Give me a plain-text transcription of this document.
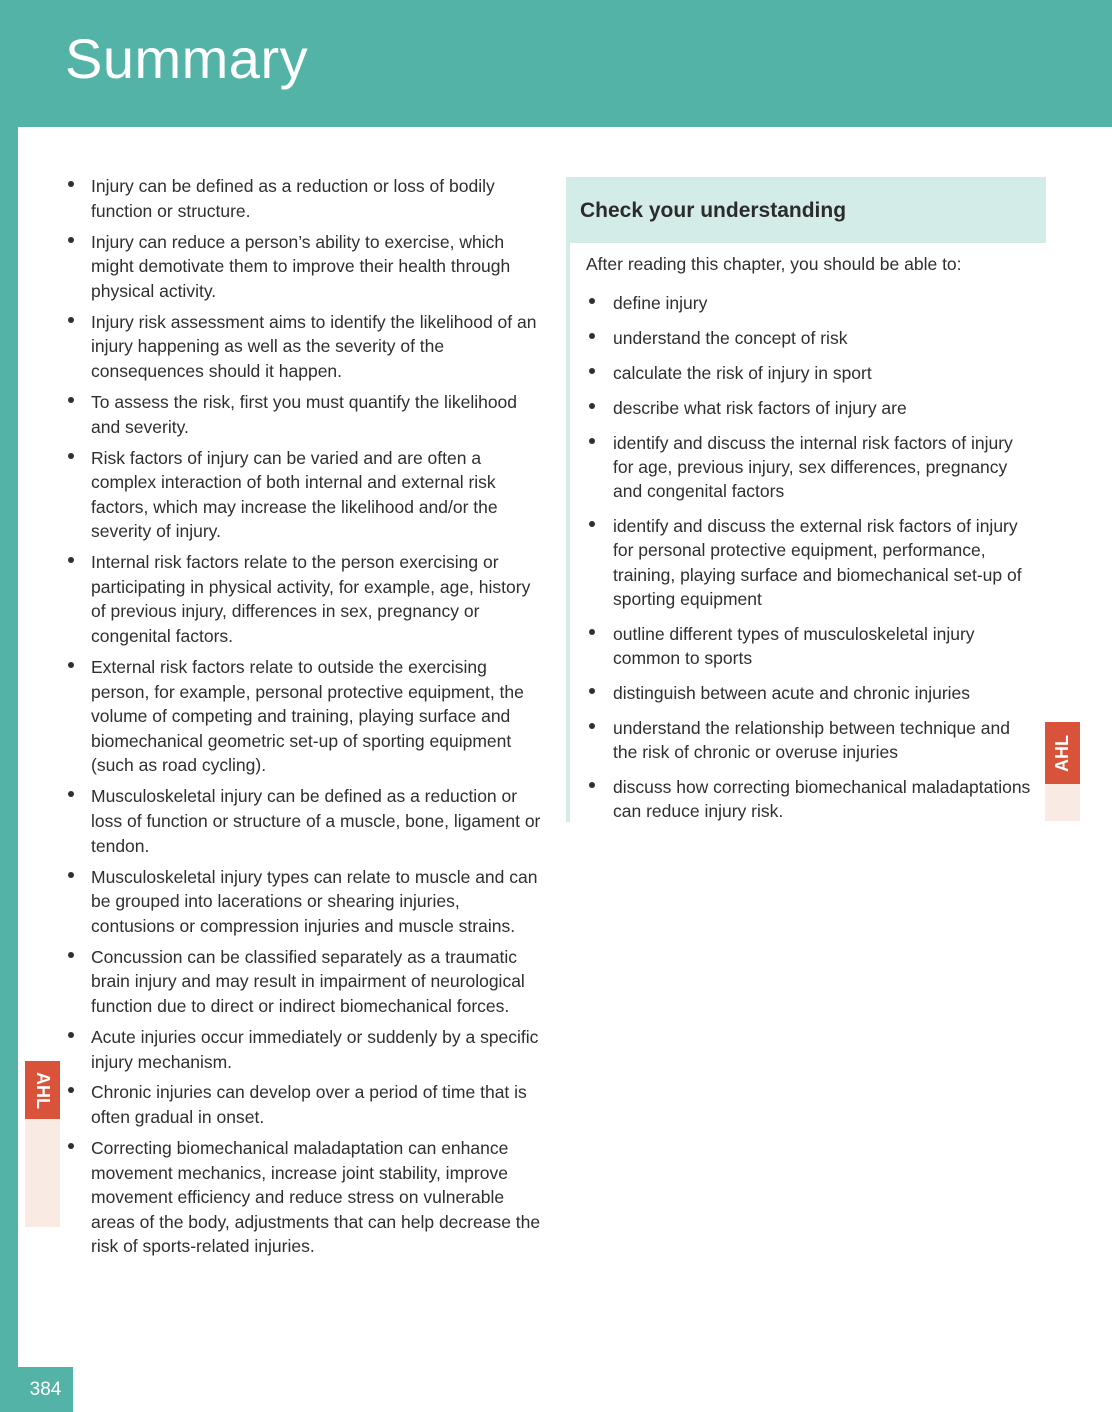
Summary
Injury can be defined as a reduction or loss of bodily function or structure.
Injury can reduce a person’s ability to exercise, which might demotivate them to improve their health through physical activity.
Injury risk assessment aims to identify the likelihood of an injury happening as well as the severity of the consequences should it happen.
To assess the risk, first you must quantify the likelihood and severity.
Risk factors of injury can be varied and are often a complex interaction of both internal and external risk factors, which may increase the likelihood and/or the severity of injury.
Internal risk factors relate to the person exercising or participating in physical activity, for example, age, history of previous injury, differences in sex, pregnancy or congenital factors.
External risk factors relate to outside the exercising person, for example, personal protective equipment, the volume of competing and training, playing surface and biomechanical geometric set-up of sporting equipment (such as road cycling).
Musculoskeletal injury can be defined as a reduction or loss of function or structure of a muscle, bone, ligament or tendon.
Musculoskeletal injury types can relate to muscle and can be grouped into lacerations or shearing injuries, contusions or compression injuries and muscle strains.
Concussion can be classified separately as a traumatic brain injury and may result in impairment of neurological function due to direct or indirect biomechanical forces.
Acute injuries occur immediately or suddenly by a specific injury mechanism.
Chronic injuries can develop over a period of time that is often gradual in onset.
Correcting biomechanical maladaptation can enhance movement mechanics, increase joint stability, improve movement efficiency and reduce stress on vulnerable areas of the body, adjustments that can help decrease the risk of sports-related injuries.
Check your understanding

After reading this chapter, you should be able to:

define injury
understand the concept of risk
calculate the risk of injury in sport
describe what risk factors of injury are
identify and discuss the internal risk factors of injury for age, previous injury, sex differences, pregnancy and congenital factors
identify and discuss the external risk factors of injury for personal protective equipment, performance, training, playing surface and biomechanical set-up of sporting equipment
outline different types of musculoskeletal injury common to sports
distinguish between acute and chronic injuries
understand the relationship between technique and the risk of chronic or overuse injuries
discuss how correcting biomechanical maladaptations can reduce injury risk.
AHL
AHL
384
